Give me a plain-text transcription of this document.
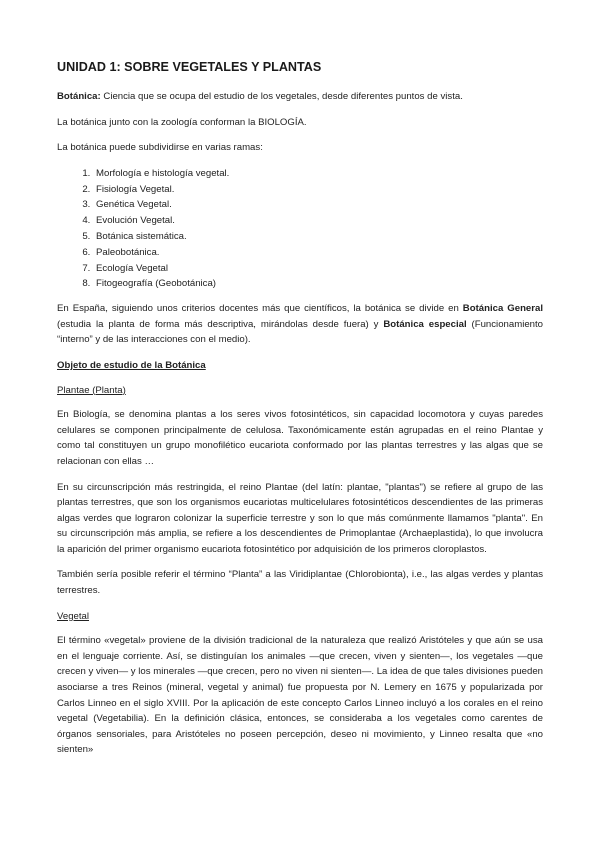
UNIDAD 1: SOBRE VEGETALES Y PLANTAS

Botánica: Ciencia que se ocupa del estudio de los vegetales, desde diferentes puntos de vista.

La botánica junto con la zoología conforman la BIOLOGÍA.

La botánica puede subdividirse en varias ramas:

1. Morfología e histología vegetal.
2. Fisiología Vegetal.
3. Genética Vegetal.
4. Evolución Vegetal.
5. Botánica sistemática.
6. Paleobotánica.
7. Ecología Vegetal
8. Fitogeografía (Geobotánica)

En España, siguiendo unos criterios docentes más que científicos, la botánica se divide en Botánica General (estudia la planta de forma más descriptiva, mirándolas desde fuera) y Botánica especial (Funcionamiento “interno” y de las interacciones con el medio).

Objeto de estudio de la Botánica

Plantae (Planta)

En Biología, se denomina plantas a los seres vivos fotosintéticos, sin capacidad locomotora y cuyas paredes celulares se componen principalmente de celulosa. Taxonómicamente están agrupadas en el reino Plantae y como tal constituyen un grupo monofilético eucariota conformado por las plantas terrestres y las algas que se relacionan con ellas …

En su circunscripción más restringida, el reino Plantae (del latín: plantae, "plantas") se refiere al grupo de las plantas terrestres, que son los organismos eucariotas multicelulares fotosintéticos descendientes de las primeras algas verdes que lograron colonizar la superficie terrestre y son lo que más comúnmente llamamos "planta". En su circunscripción más amplia, se refiere a los descendientes de Primoplantae (Archaeplastida), lo que involucra la aparición del primer organismo eucariota fotosintético por adquisición de los primeros cloroplastos.

También sería posible referir el término “Planta” a las Viridiplantae (Chlorobionta), i.e., las algas verdes y plantas terrestres.

Vegetal

El término «vegetal» proviene de la división tradicional de la naturaleza que realizó Aristóteles y que aún se usa en el lenguaje corriente. Así, se distinguían los animales —que crecen, viven y sienten—, los vegetales —que crecen y viven— y los minerales —que crecen, pero no viven ni sienten—. La idea de que tales divisiones pueden asociarse a tres Reinos (mineral, vegetal y animal) fue propuesta por N. Lemery en 1675 y popularizada por Carlos Linneo en el siglo XVIII. Por la aplicación de este concepto Carlos Linneo incluyó a los corales en el reino vegetal (Vegetabilia). En la definición clásica, entonces, se consideraba a los vegetales como carentes de órganos sensoriales, para Aristóteles no poseen percepción, deseo ni movimiento, y Linneo resalta que «no sienten»
